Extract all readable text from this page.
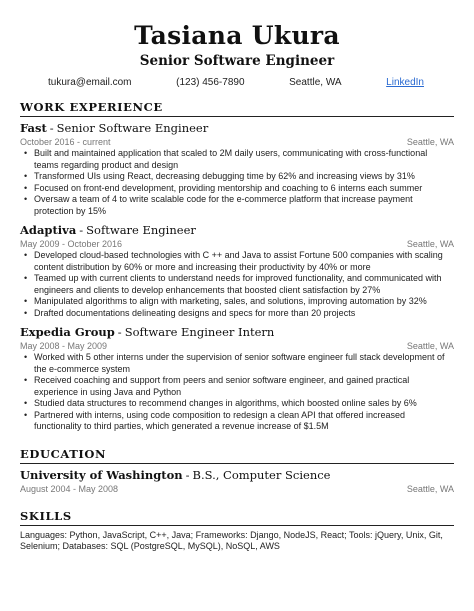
Tasiana Ukura
Senior Software Engineer
tukura@email.com	(123) 456-7890	Seattle, WA	LinkedIn
WORK EXPERIENCE
Fast - Senior Software Engineer
October 2016 - current	Seattle, WA
• Built and maintained application that scaled to 2M daily users, communicating with cross-functional teams regarding product and design
• Transformed UIs using React, decreasing debugging time by 62% and increasing views by 31%
• Focused on front-end development, providing mentorship and coaching to 6 interns each summer
• Oversaw a team of 4 to write scalable code for the e-commerce platform that increase payment protection by 15%
Adaptiva - Software Engineer
May 2009 - October 2016	Seattle, WA
• Developed cloud-based technologies with C ++ and Java to assist Fortune 500 companies with scaling content distribution by 60% or more and increasing their productivity by 40% or more
• Teamed up with current clients to understand needs for improved functionality, and communicated with engineers and clients to develop enhancements that boosted client satisfaction by 27%
• Manipulated algorithms to align with marketing, sales, and solutions, improving automation by 32%
• Drafted documentations delineating designs and specs for more than 20 projects
Expedia Group - Software Engineer Intern
May 2008 - May 2009	Seattle, WA
• Worked with 5 other interns under the supervision of senior software engineer full stack development of the e-commerce system
• Received coaching and support from peers and senior software engineer, and gained practical experience in using Java and Python
• Studied data structures to recommend changes in algorithms, which boosted online sales by 6%
• Partnered with interns, using code composition to redesign a clean API that offered increased functionality to third parties, which generated a revenue increase of $1.5M
EDUCATION
University of Washington - B.S., Computer Science
August 2004 - May 2008	Seattle, WA
SKILLS
Languages: Python, JavaScript, C++, Java; Frameworks: Django, NodeJS, React; Tools: jQuery, Unix, Git, Selenium; Databases: SQL (PostgreSQL, MySQL), NoSQL, AWS
